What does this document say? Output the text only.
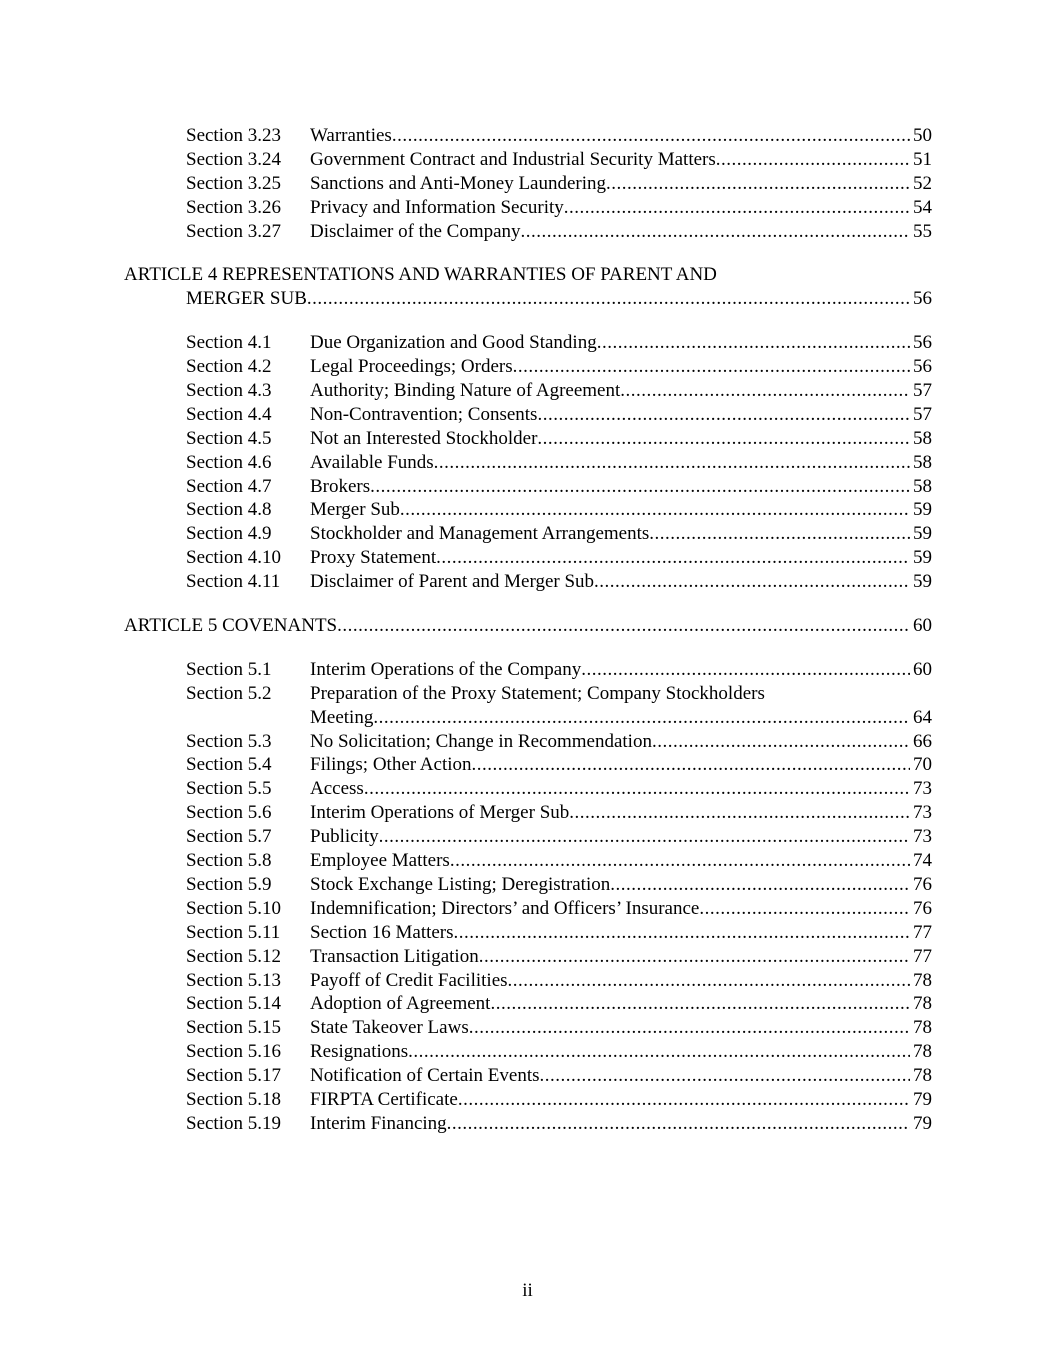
Section 3.23	Warranties .....	50
Section 3.24	Government Contract and Industrial Security Matters .....	51
Section 3.25	Sanctions and Anti-Money Laundering .....	52
Section 3.26	Privacy and Information Security .....	54
Section 3.27	Disclaimer of the Company .....	55
ARTICLE 4 REPRESENTATIONS AND WARRANTIES OF PARENT AND
MERGER SUB .....	56
Section 4.1	Due Organization and Good Standing .....	56
Section 4.2	Legal Proceedings; Orders .....	56
Section 4.3	Authority; Binding Nature of Agreement .....	57
Section 4.4	Non-Contravention; Consents .....	57
Section 4.5	Not an Interested Stockholder .....	58
Section 4.6	Available Funds .....	58
Section 4.7	Brokers .....	58
Section 4.8	Merger Sub .....	59
Section 4.9	Stockholder and Management Arrangements .....	59
Section 4.10	Proxy Statement .....	59
Section 4.11	Disclaimer of Parent and Merger Sub .....	59
ARTICLE 5 COVENANTS .....	60
Section 5.1	Interim Operations of the Company .....	60
Section 5.2	Preparation of the Proxy Statement; Company Stockholders
Meeting .....	64
Section 5.3	No Solicitation; Change in Recommendation .....	66
Section 5.4	Filings; Other Action .....	70
Section 5.5	Access .....	73
Section 5.6	Interim Operations of Merger Sub .....	73
Section 5.7	Publicity .....	73
Section 5.8	Employee Matters .....	74
Section 5.9	Stock Exchange Listing; Deregistration .....	76
Section 5.10	Indemnification; Directors’ and Officers’ Insurance .....	76
Section 5.11	Section 16 Matters .....	77
Section 5.12	Transaction Litigation .....	77
Section 5.13	Payoff of Credit Facilities .....	78
Section 5.14	Adoption of Agreement .....	78
Section 5.15	State Takeover Laws .....	78
Section 5.16	Resignations .....	78
Section 5.17	Notification of Certain Events .....	78
Section 5.18	FIRPTA Certificate .....	79
Section 5.19	Interim Financing .....	79
ii
